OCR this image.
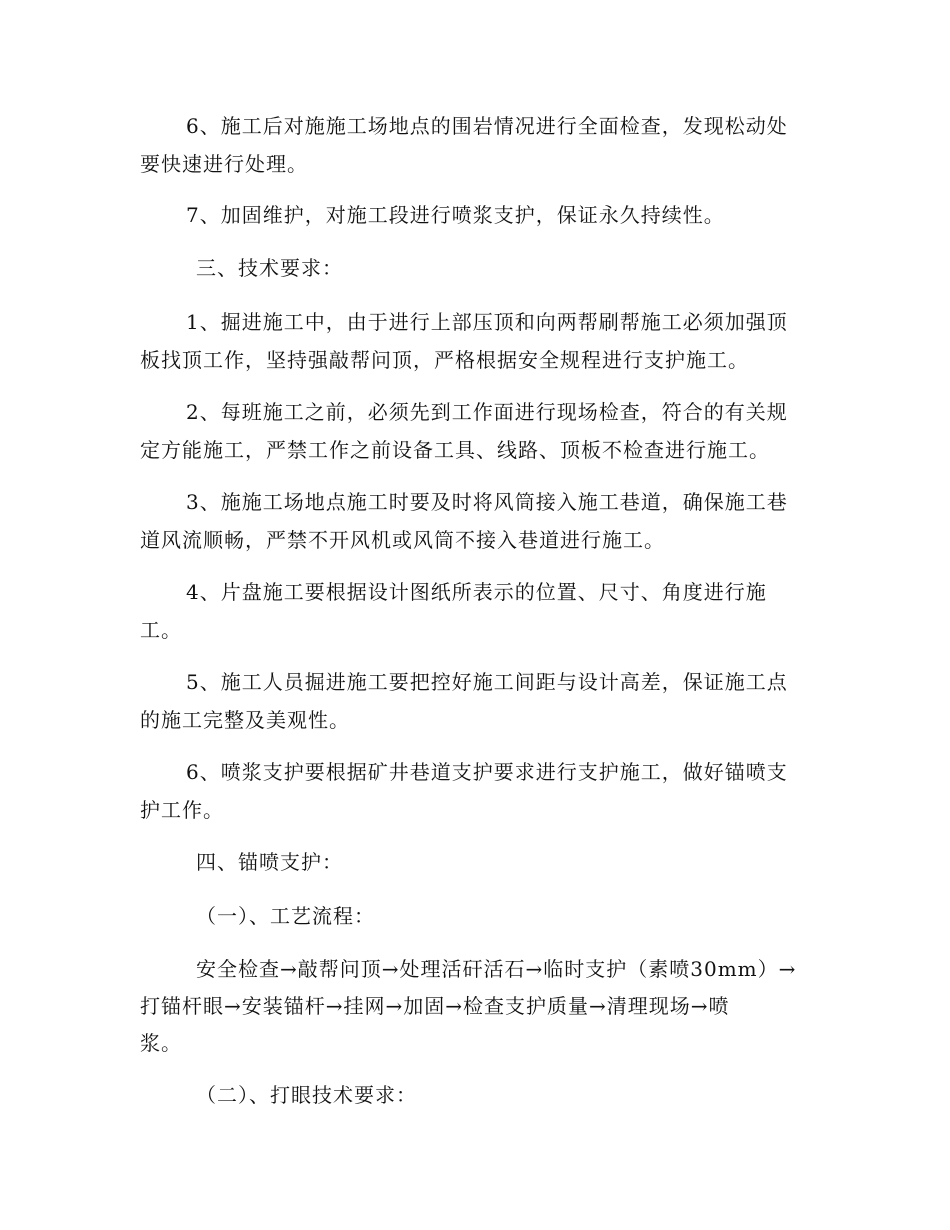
6、施工后对施施工场地点的围岩情况进行全面检查，发现松动处
要快速进行处理。
7、加固维护，对施工段进行喷浆支护，保证永久持续性。
三、技术要求：
1、掘进施工中，由于进行上部压顶和向两帮刷帮施工必须加强顶
板找顶工作，坚持强敲帮问顶，严格根据安全规程进行支护施工。
2、每班施工之前，必须先到工作面进行现场检查，符合的有关规
定方能施工，严禁工作之前设备工具、线路、顶板不检查进行施工。
3、施施工场地点施工时要及时将风筒接入施工巷道，确保施工巷
道风流顺畅，严禁不开风机或风筒不接入巷道进行施工。
4、片盘施工要根据设计图纸所表示的位置、尺寸、角度进行施
工。
5、施工人员掘进施工要把控好施工间距与设计高差，保证施工点
的施工完整及美观性。
6、喷浆支护要根据矿井巷道支护要求进行支护施工，做好锚喷支
护工作。
四、锚喷支护：
（一）、工艺流程：
安全检查→敲帮问顶→处理活矸活石→临时支护（素喷30mm）→
打锚杆眼→安装锚杆→挂网→加固→检查支护质量→清理现场→喷
浆。
（二）、打眼技术要求：
